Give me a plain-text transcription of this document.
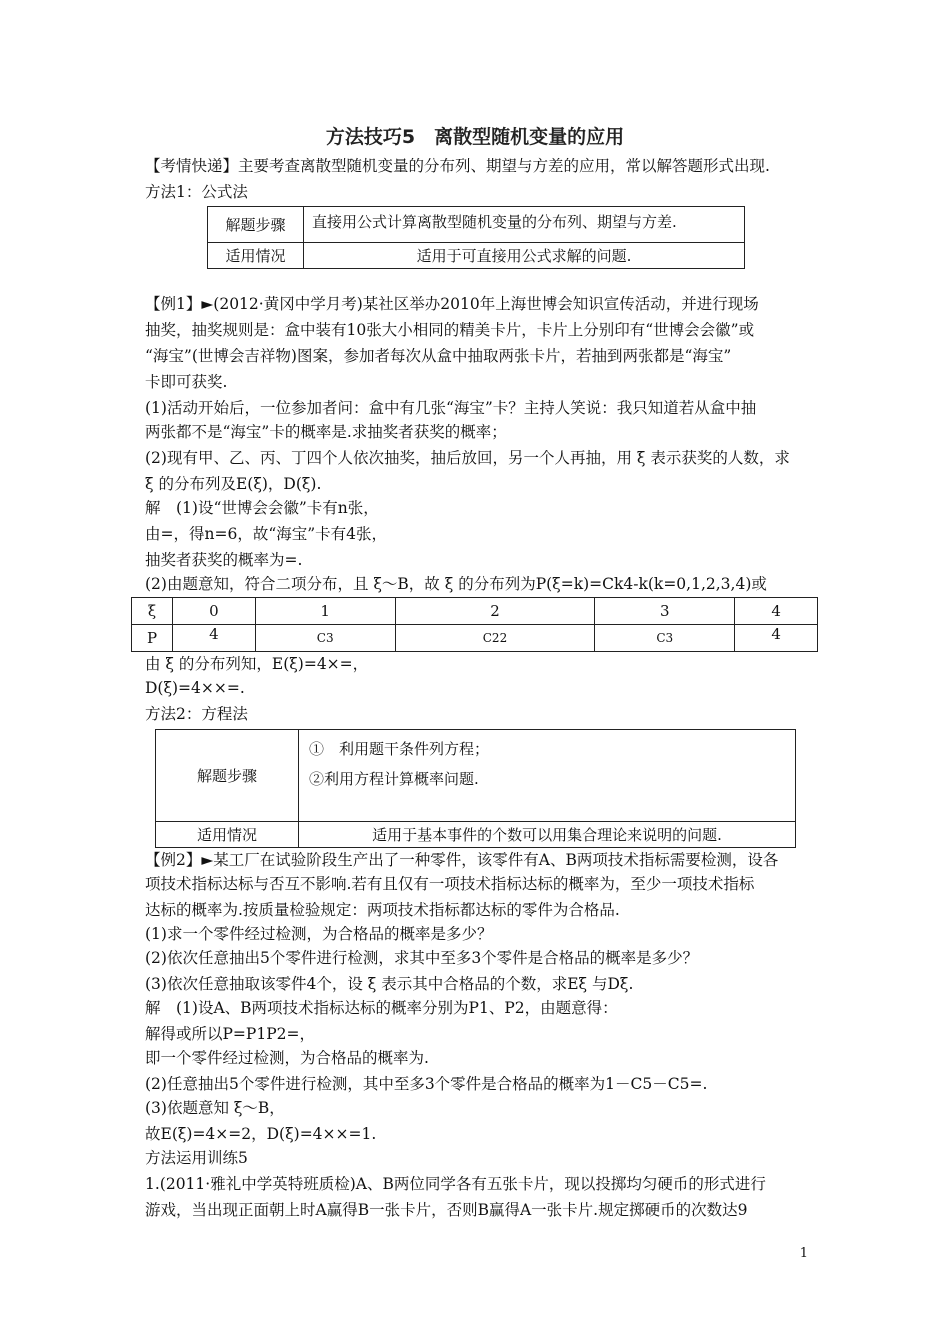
方法技巧5　离散型随机变量的应用
【考情快递】主要考查离散型随机变量的分布列、期望与方差的应用，常以解答题形式出现.
方法1：公式法
解题步骤	直接用公式计算离散型随机变量的分布列、期望与方差.
适用情况	适用于可直接用公式求解的问题.
【例1】►(2012·黄冈中学月考)某社区举办2010年上海世博会知识宣传活动，并进行现场
抽奖，抽奖规则是：盒中装有10张大小相同的精美卡片，卡片上分别印有“世博会会徽”或
“海宝”(世博会吉祥物)图案，参加者每次从盒中抽取两张卡片，若抽到两张都是“海宝”
卡即可获奖.
(1)活动开始后，一位参加者问：盒中有几张“海宝”卡？主持人笑说：我只知道若从盒中抽
两张都不是“海宝”卡的概率是.求抽奖者获奖的概率；
(2)现有甲、乙、丙、丁四个人依次抽奖，抽后放回，另一个人再抽，用 ξ 表示获奖的人数，求
ξ 的分布列及E(ξ)，D(ξ).
解　(1)设“世博会会徽”卡有n张，
由=，得n=6，故“海宝”卡有4张，
抽奖者获奖的概率为=.
(2)由题意知，符合二项分布，且 ξ～B，故 ξ 的分布列为P(ξ=k)=Ck4-k(k=0,1,2,3,4)或
ξ	0	1	2	3	4
P	4	C3	C22	C3	4
由 ξ 的分布列知，E(ξ)=4×=，
D(ξ)=4××=.
方法2：方程法
解题步骤	①　利用题干条件列方程；
②利用方程计算概率问题.

适用情况	适用于基本事件的个数可以用集合理论来说明的问题.
【例2】►某工厂在试验阶段生产出了一种零件，该零件有A、B两项技术指标需要检测，设各
项技术指标达标与否互不影响.若有且仅有一项技术指标达标的概率为，至少一项技术指标
达标的概率为.按质量检验规定：两项技术指标都达标的零件为合格品.
(1)求一个零件经过检测，为合格品的概率是多少？
(2)依次任意抽出5个零件进行检测，求其中至多3个零件是合格品的概率是多少？
(3)依次任意抽取该零件4个，设 ξ 表示其中合格品的个数，求Eξ 与Dξ.
解　(1)设A、B两项技术指标达标的概率分别为P1、P2，由题意得：
解得或所以P=P1P2=，
即一个零件经过检测，为合格品的概率为.
(2)任意抽出5个零件进行检测，其中至多3个零件是合格品的概率为1－C5－C5=.
(3)依题意知 ξ～B，
故E(ξ)=4×=2，D(ξ)=4××=1.
方法运用训练5
1.(2011·雅礼中学英特班质检)A、B两位同学各有五张卡片，现以投掷均匀硬币的形式进行
游戏，当出现正面朝上时A赢得B一张卡片，否则B赢得A一张卡片.规定掷硬币的次数达9
1
